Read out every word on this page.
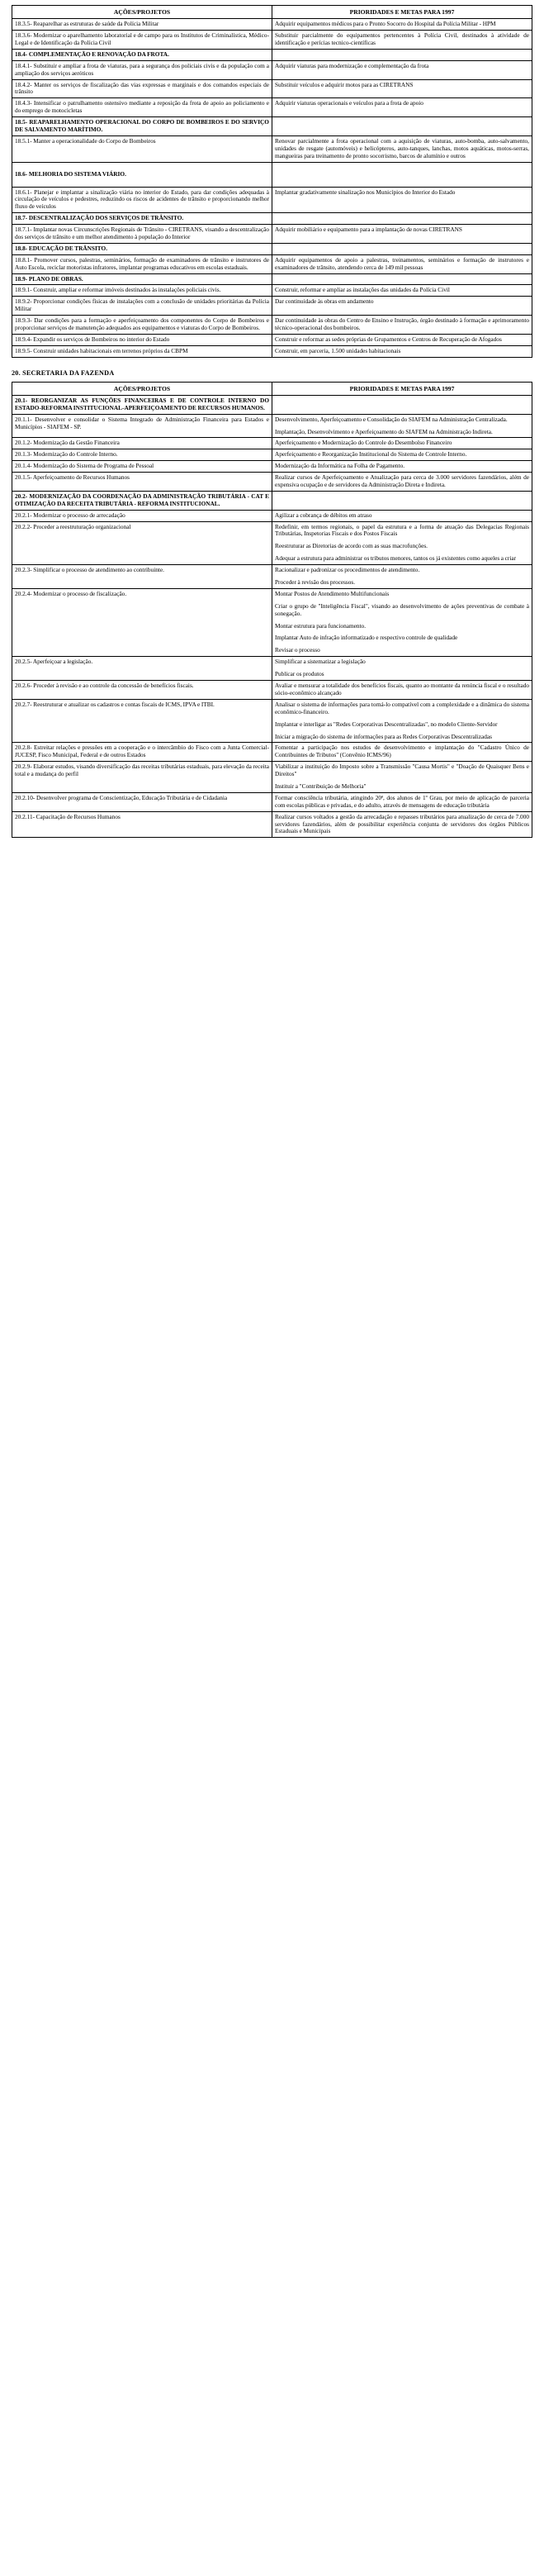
AÇÕES/PROJETOS	PRIORIDADES E METAS PARA 1997
18.3.5- Reaparelhar as estruturas de saúde da Polícia Militar	Adquirir equipamentos médicos para o Pronto Socorro do Hospital da Polícia Militar - HPM

18.3.6- Modernizar o aparelhamento laboratorial e de campo para os Institutos de Criminalística, Médico-Legal e de Identificação da Polícia Civil	Substituir parcialmente do equipamentos pertencentes à Polícia Civil, destinados à atividade de identificação e perícias tecnico-científicas

18.4- COMPLEMENTAÇÃO E RENOVAÇÃO DA FROTA.	

18.4.1- Substituir e ampliar a frota de viaturas, para a segurança dos policiais civis e da população com a ampliação dos serviços aeróticos	Adquirir viaturas para modernização e complementação da frota

18.4.2- Manter os serviços de fiscalização das vias expressas e marginais e dos comandos especiais de trânsito	Substituir veículos e adquirir motos para as CIRETRANS

18.4.3- Intensificar o patrulhamento ostensivo mediante a reposição da frota de apoio ao policiamento e do emprego de motocicletas	Adquirir viaturas operacionais e veículos para a frota de apoio

18.5- REAPARELHAMENTO OPERACIONAL DO CORPO DE BOMBEIROS E DO SERVIÇO DE SALVAMENTO MARÍTIMO.	

18.5.1- Manter a operacionalidade do Corpo de Bombeiros	Renovar parcialmente a frota operacional com a aquisição de viaturas, auto-bomba, auto-salvamento, unidades de resgate (automóveis) e helicópteros, auto-tanques, lanchas, motos aquáticas, motos-serras, mangueiras para treinamento de pronto socorrismo, barcos de alumínio e outros

18.6- MELHORIA DO SISTEMA VIÁRIO.	

18.6.1- Planejar e implantar a sinalização viária no interior do Estado, para dar condições adequadas à circulação de veículos e pedestres, reduzindo os riscos de acidentes de trânsito e proporcionando melhor fluxo de veículos	Implantar gradativamente sinalização nos Municípios do Interior do Estado

18.7- DESCENTRALIZAÇÃO DOS SERVIÇOS DE TRÂNSITO.	

18.7.1- Implantar novas Circunscrições Regionais de Trânsito - CIRETRANS, visando a descentralização dos serviços de trânsito e um melhor atendimento à população do Interior	Adquirir mobiliário e equipamento para a implantação de novas CIRETRANS

18.8- EDUCAÇÃO DE TRÂNSITO.	

18.8.1- Promover cursos, palestras, seminários, formação de examinadores de trânsito e instrutores de Auto Escola, reciclar motoristas infratores, implantar programas educativos em escolas estaduais.	Adquirir equipamentos de apoio a palestras, treinamentos, seminários e formação de instrutores e examinadores de trânsito, atendendo cerca de 149 mil pessoas

18.9- PLANO DE OBRAS.	

18.9.1- Construir, ampliar e reformar imóveis destinados às instalações policiais civis.	Construir, reformar e ampliar as instalações das unidades da Polícia Civil

18.9.2- Proporcionar condições físicas de instalações com a conclusão de unidades prioritárias da Polícia Militar	Dar continuidade às obras em andamento

18.9.3- Dar condições para a formação e aperfeiçoamento dos componentes do Corpo de Bombeiros e proporcionar serviços de manutenção adequados aos equipamentos e viaturas do Corpo de Bombeiros.	Dar continuidade às obras do Centro de Ensino e Instrução, órgão destinado à formação e aprimoramento técnico-operacional dos bombeiros.

18.9.4- Expandir os serviços de Bombeiros no interior do Estado	Construir e reformar as sedes próprias de Grupamentos e Centros de Recuperação de Afogados

18.9.5- Construir unidades habitacionais em terrenos próprios da CBPM	Construir, em parceria, 1.500 unidades habitacionais
20. SECRETARIA DA FAZENDA
AÇÕES/PROJETOS	PRIORIDADES E METAS PARA 1997
20.1- REORGANIZAR AS FUNÇÕES FINANCEIRAS E DE CONTROLE INTERNO DO ESTADO-REFORMA INSTITUCIONAL-APERFEIÇOAMENTO DE RECURSOS HUMANOS.	

20.1.1- Desenvolver e consolidar o Sistema Integrado de Administração Financeira para Estados e Municípios - SIAFEM - SP.	Desenvolvimento, Aperfeiçoamento e Consolidação do SIAFEM na Administração Centralizada.
Implantação, Desenvolvimento e Aperfeiçoamento do SIAFEM na Administração Indireta.

20.1.2- Modernização da Gestão Financeira	Aperfeiçoamento e Modernização do Controle do Desembolso Financeiro

20.1.3- Modernização do Controle Interno.	Aperfeiçoamento e Reorganização Institucional do Sistema de Controle Interno.

20.1.4- Modernização do Sistema de Programa de Pessoal	Modernização da Informática na Folha de Pagamento.

20.1.5- Aperfeiçoamento de Recursos Humanos	Realizar cursos de Aperfeiçoamento e Atualização para cerca de 3.000 servidores fazendários, além de expensiva ocupação e de servidores da Administração Direta e Indireta.

20.2- MODERNIZAÇÃO DA COORDENAÇÃO DA ADMINISTRAÇÃO TRIBUTÁRIA - CAT E OTIMIZAÇÃO DA RECEITA TRIBUTÁRIA - REFORMA INSTITUCIONAL.	

20.2.1- Modernizar o processo de arrecadação	Agilizar a cobrança de débitos em atraso

20.2.2- Proceder a reestruturação organizacional	Redefinir, em termos regionais, o papel da estrutura e a forma de atuação das Delegacias Regionais Tributárias, Inspetorias Fiscais e dos Postos Fiscais
Reestruturar as Diretorias de acordo com as suas macrofunções.
Adequar a estrutura para administrar os tributos menores, tantos os já existentes como aqueles a criar

20.2.3- Simplificar o processo de atendimento ao contribuinte.	Racionalizar e padronizar os procedimentos de atendimento.
Proceder à revisão dos processos.

20.2.4- Modernizar o processo de fiscalização.	Montar Postos de Atendimento Multifuncionais
Criar o grupo de "Inteligência Fiscal", visando ao desenvolvimento de ações preventivas de combate à sonegação.
Montar estrutura para funcionamento.
Implantar Auto de infração informatizado e respectivo controle de qualidade
Revisar o processo

20.2.5- Aperfeiçoar a legislação.	Simplificar a sistematizar a legislação
Publicar os produtos

20.2.6- Proceder à revisão e ao controle da concessão de benefícios fiscais.	Avaliar e mensurar a totalidade dos benefícios fiscais, quanto ao montante da renúncia fiscal e o resultado sócio-econômico alcançado

20.2.7- Reestruturar e atualizar os cadastros e contas fiscais de ICMS, IPVA e ITBI.	Analisar o sistema de informações para torná-lo compatível com a complexidade e a dinâmica do sistema econômico-financeiro.
Implantar e interligar as "Redes Corporativas Descentralizadas", no modelo Cliente-Servidor
Iniciar a migração do sistema de informações para as Redes Corporativas Descentralizadas

20.2.8- Estreitar relações e pressões em a cooperação e o intercâmbio do Fisco com a Junta Comercial-JUCESP, Fisco Municipal, Federal e de outros Estados	Fomentar a participação nos estudos de desenvolvimento e implantação do "Cadastro Único de Contribuintes de Tributos" (Convênio ICMS/96)

20.2.9- Elaborar estudos, visando diversificação das receitas tributárias estaduais, para elevação da receita total e a mudança do perfil	Viabilizar a instituição do Imposto sobre a Transmissão "Causa Mortis" e "Doação de Quaisquer Bens e Direitos"
Instituir a "Contribuição de Melhoria"

20.2.10- Desenvolver programa de Conscientização, Educação Tributária e de Cidadania	Formar consciência tributária, atingindo 20ª, dos alunos de 1º Grau, por meio de aplicação de parceria com escolas públicas e privadas, e do adulto, através de mensagens de educação tributária

20.2.11- Capacitação de Recursos Humanos	Realizar cursos voltados a gestão da arrecadação e repasses tributários para atualização de cerca de 7.000 servidores fazendários, além de possibilitar experiência conjunta de servidores dos órgãos Públicos Estaduais e Municipais
